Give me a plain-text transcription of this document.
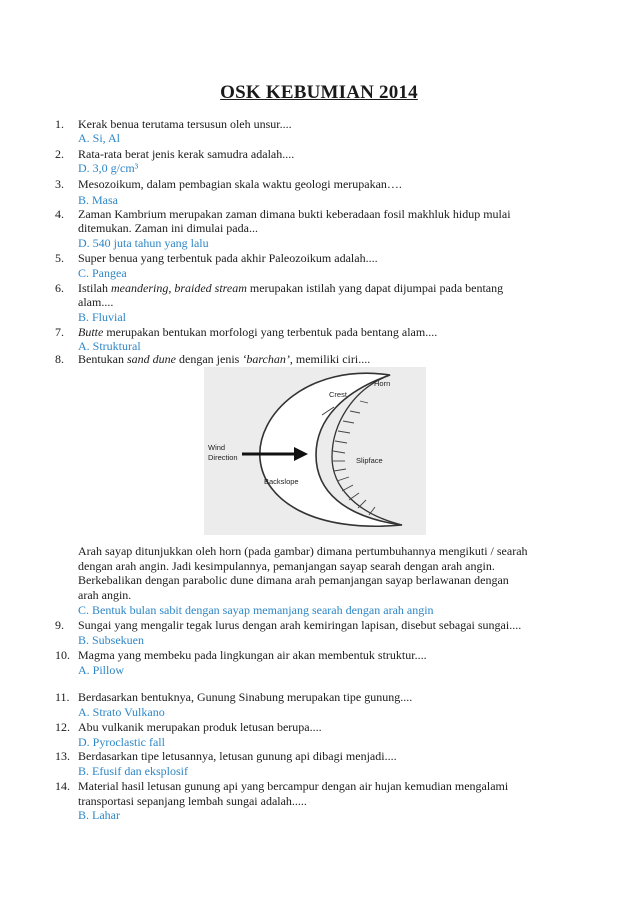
OSK KEBUMIAN 2014
1. Kerak benua terutama tersusun oleh unsur....
A. Si, Al
2. Rata-rata berat jenis kerak samudra adalah....
D. 3,0 g/cm³
3. Mesozoikum, dalam pembagian skala waktu geologi merupakan….
B. Masa
4. Zaman Kambrium merupakan zaman dimana bukti keberadaan fosil makhluk hidup mulai
ditemukan. Zaman ini dimulai pada...
D. 540 juta tahun yang lalu
5. Super benua yang terbentuk pada akhir Paleozoikum adalah....
C. Pangea
6. Istilah meandering, braided stream merupakan istilah yang dapat dijumpai pada bentang
alam....
B. Fluvial
7. Butte merupakan bentukan morfologi yang terbentuk pada bentang alam....
A. Struktural
8. Bentukan sand dune dengan jenis ‘barchan’, memiliki ciri....
Crest
Horn
Wind
Direction	Slipface
Backslope
Arah sayap ditunjukkan oleh horn (pada gambar) dimana pertumbuhannya mengikuti / searah
dengan arah angin. Jadi kesimpulannya, pemanjangan sayap searah dengan arah angin.
Berkebalikan dengan parabolic dune dimana arah pemanjangan sayap berlawanan dengan
arah angin.
C. Bentuk bulan sabit dengan sayap memanjang searah dengan arah angin
9. Sungai yang mengalir tegak lurus dengan arah kemiringan lapisan, disebut sebagai sungai....
B. Subsekuen
10. Magma yang membeku pada lingkungan air akan membentuk struktur....
A. Pillow
11. Berdasarkan bentuknya, Gunung Sinabung merupakan tipe gunung....
A. Strato Vulkano
12. Abu vulkanik merupakan produk letusan berupa....
D. Pyroclastic fall
13. Berdasarkan tipe letusannya, letusan gunung api dibagi menjadi....
B. Efusif dan eksplosif
14. Material hasil letusan gunung api yang bercampur dengan air hujan kemudian mengalami
transportasi sepanjang lembah sungai adalah.....
B. Lahar
